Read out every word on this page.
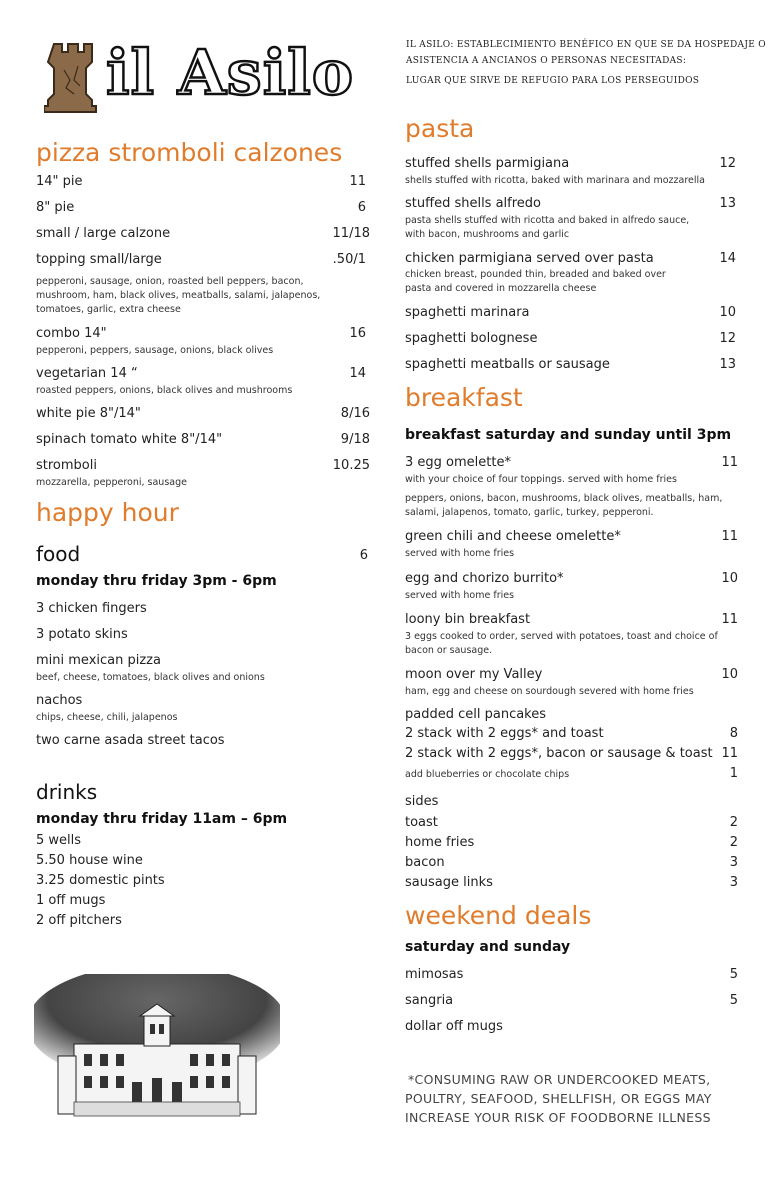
il Asilo	IL ASILO: ESTABLECIMIENTO BENÉFICO EN QUE SE DA HOSPEDAJE O
ASISTENCIA A ANCIANOS O PERSONAS NECESITADAS:
LUGAR QUE SIRVE DE REFUGIO PARA LOS PERSEGUIDOS
pizza stromboli calzones
14" pie	11
8" pie	6
small / large calzone	11/18
topping small/large	.50/1
pepperoni, sausage, onion, roasted bell peppers, bacon, mushroom, ham, black olives, meatballs, salami, jalapenos, tomatoes, garlic, extra cheese
combo 14"	16
pepperoni, peppers, sausage, onions, black olives
vegetarian 14 “	14
roasted peppers, onions, black olives and mushrooms
white pie 8"/14"	8/16
spinach tomato white 8"/14"	9/18
stromboli	10.25
mozzarella, pepperoni, sausage
happy hour
food	6
monday thru friday 3pm - 6pm
3 chicken fingers
3 potato skins
mini mexican pizza
beef, cheese, tomatoes, black olives and onions
nachos
chips, cheese, chili, jalapenos
two carne asada street tacos
drinks
monday thru friday 11am – 6pm
5 wells
5.50 house wine
3.25 domestic pints
1 off mugs
2 off pitchers
pasta
stuffed shells parmigiana	12
shells stuffed with ricotta, baked with marinara and mozzarella
stuffed shells alfredo	13
pasta shells stuffed with ricotta and baked in alfredo sauce, with bacon, mushrooms and garlic
chicken parmigiana served over pasta	14
chicken breast, pounded thin, breaded and baked over pasta and covered in mozzarella cheese
spaghetti marinara	10
spaghetti bolognese	12
spaghetti meatballs or sausage	13
breakfast
breakfast saturday and sunday until 3pm
3 egg omelette*	11
with your choice of four toppings. served with home fries
peppers, onions, bacon, mushrooms, black olives, meatballs, ham, salami, jalapenos, tomato, garlic, turkey, pepperoni.
green chili and cheese omelette*	11
served with home fries
egg and chorizo burrito*	10
served with home fries
loony bin breakfast	11
3 eggs cooked to order, served with potatoes, toast and choice of bacon or sausage.
moon over my Valley	10
ham, egg and cheese on sourdough severed with home fries
padded cell pancakes
2 stack with 2 eggs* and toast	8
2 stack with 2 eggs*, bacon or sausage & toast 11
add blueberries or chocolate chips	1
sides
toast	2
home fries	2
bacon	3
sausage links	3
weekend deals
saturday and sunday
mimosas	5
sangria	5
dollar off mugs
*CONSUMING RAW OR UNDERCOOKED MEATS,
POULTRY, SEAFOOD, SHELLFISH, OR EGGS MAY
INCREASE YOUR RISK OF FOODBORNE ILLNESS
